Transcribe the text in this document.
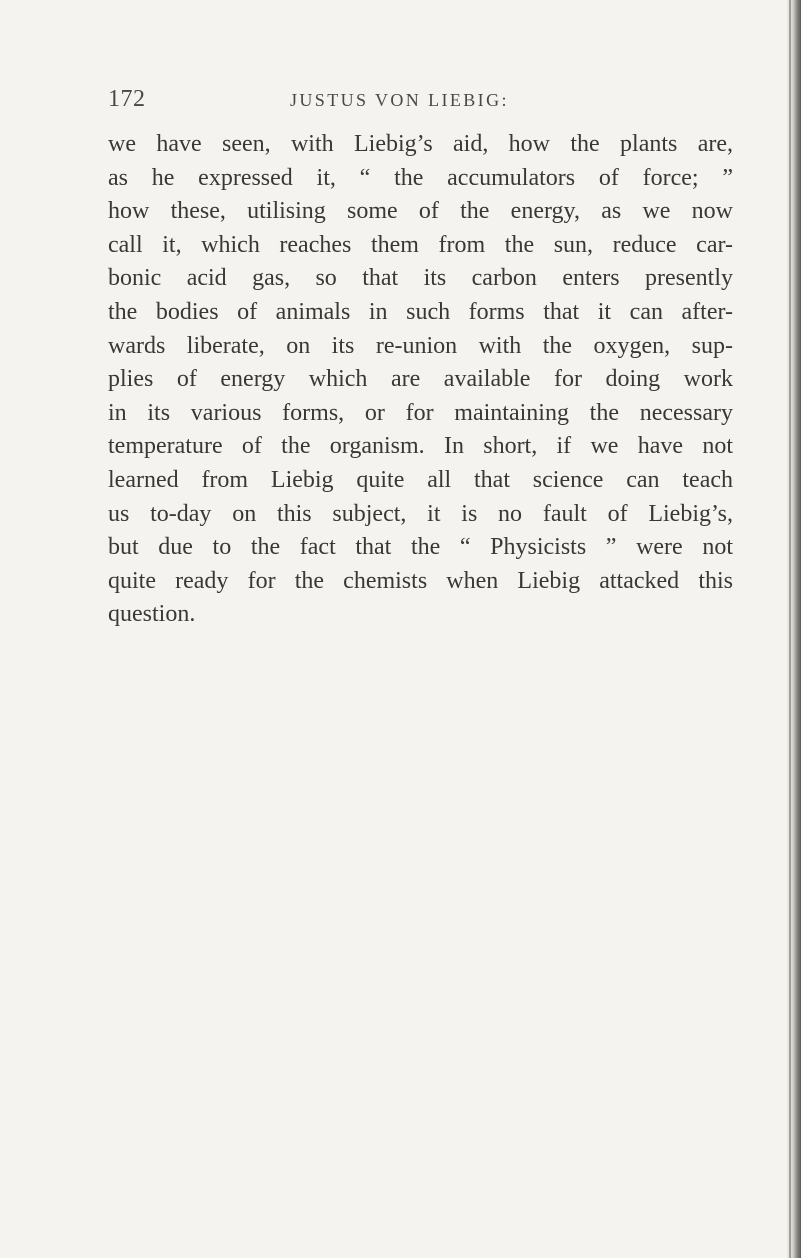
172	JUSTUS VON LIEBIG:
we have seen, with Liebig’s aid, how the plants are,
as he expressed it, “ the accumulators of force; ”
how these, utilising some of the energy, as we now
call it, which reaches them from the sun, reduce car-
bonic acid gas, so that its carbon enters presently
the bodies of animals in such forms that it can after-
wards liberate, on its re-union with the oxygen, sup-
plies of energy which are available for doing work
in its various forms, or for maintaining the necessary
temperature of the organism. In short, if we have not
learned from Liebig quite all that science can teach
us to-day on this subject, it is no fault of Liebig’s,
but due to the fact that the “ Physicists ” were not
quite ready for the chemists when Liebig attacked this
question.
